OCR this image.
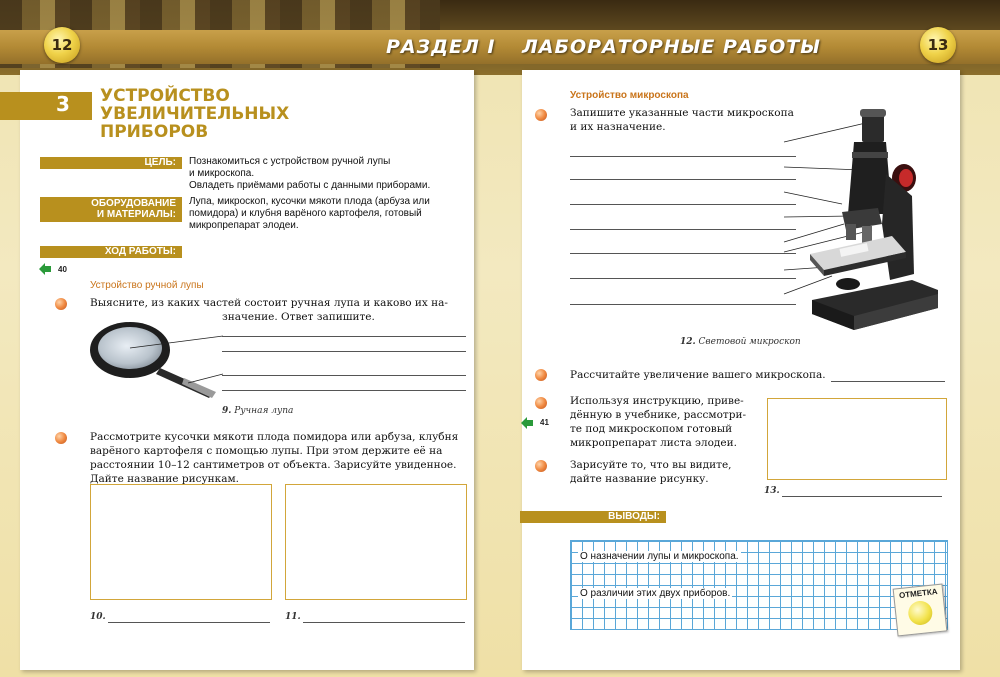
12	13
РАЗДЕЛ I ЛАБОРАТОРНЫЕ РАБОТЫ
3 УСТРОЙСТВО
УВЕЛИЧИТЕЛЬНЫХ
ПРИБОРОВ
ЦЕЛЬ:	Познакомиться с устройством ручной лупы
и микроскопа.
Овладеть приёмами работы с данными приборами.
ОБОРУДОВАНИЕ
И МАТЕРИАЛЫ:
Лупа, микроскоп, кусочки мякоти плода (арбуза или
помидора) и клубня варёного картофеля, готовый
микропрепарат элодеи.
ХОД РАБОТЫ:
40
Устройство ручной лупы
Выясните, из каких частей состоит ручная лупа и каково их на-
значение. Ответ запишите.
9. Ручная лупа
Рассмотрите кусочки мякоти плода помидора или арбуза, клубня
варёного картофеля с помощью лупы. При этом держите её на
расстоянии 10–12 сантиметров от объекта. Зарисуйте увиденное.
Дайте название рисункам.
10.	11.
Устройство микроскопа
Запишите указанные части микроскопа
и их назначение.
12. Световой микроскоп
Рассчитайте увеличение вашего микроскопа.
41
Используя инструкцию, приве-
дённую в учебнике, рассмотри-
те под микроскопом готовый
микропрепарат листа элодеи.
Зарисуйте то, что вы видите,
дайте название рисунку.
13.
ВЫВОДЫ:
О назначении лупы и микроскопа.
О различии этих двух приборов.	ОТМЕТКА
